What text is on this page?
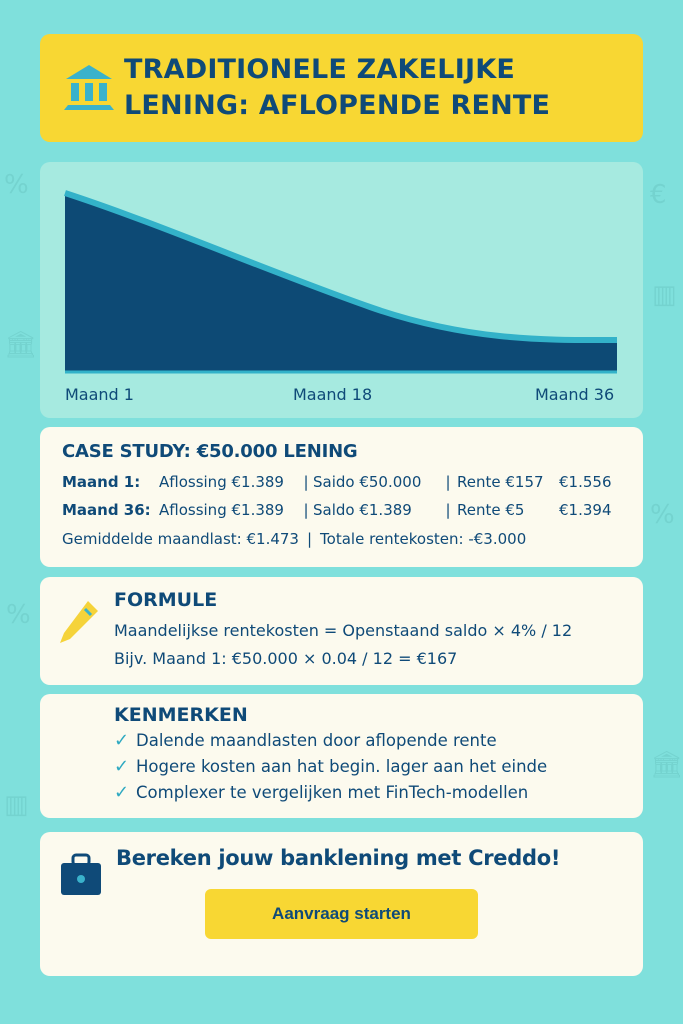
%
🏛
%
▥
€
▥
%
🏛
TRADITIONELE ZAKELIJKE
LENING: AFLOPENDE RENTE
Maand 1	Maand 18	Maand 36
CASE STUDY: €50.000 LENING
Maand 1:	Aflossing €1.389	| Saido €50.000	| Rente €157	€1.556
Maand 36: Aflossing €1.389	| Saldo €1.389	| Rente €5	€1.394
Gemiddelde maandlast: €1.473 | Totale rentekosten: -€3.000
FORMULE
Maandelijkse rentekosten = Openstaand saldo × 4% / 12
Bijv. Maand 1: €50.000 × 0.04 / 12 = €167
KENMERKEN
✓ Dalende maandlasten door aflopende rente
✓ Hogere kosten aan hat begin. lager aan het einde
✓ Complexer te vergelijken met FinTech-modellen
Bereken jouw banklening met Creddo!
Aanvraag starten
